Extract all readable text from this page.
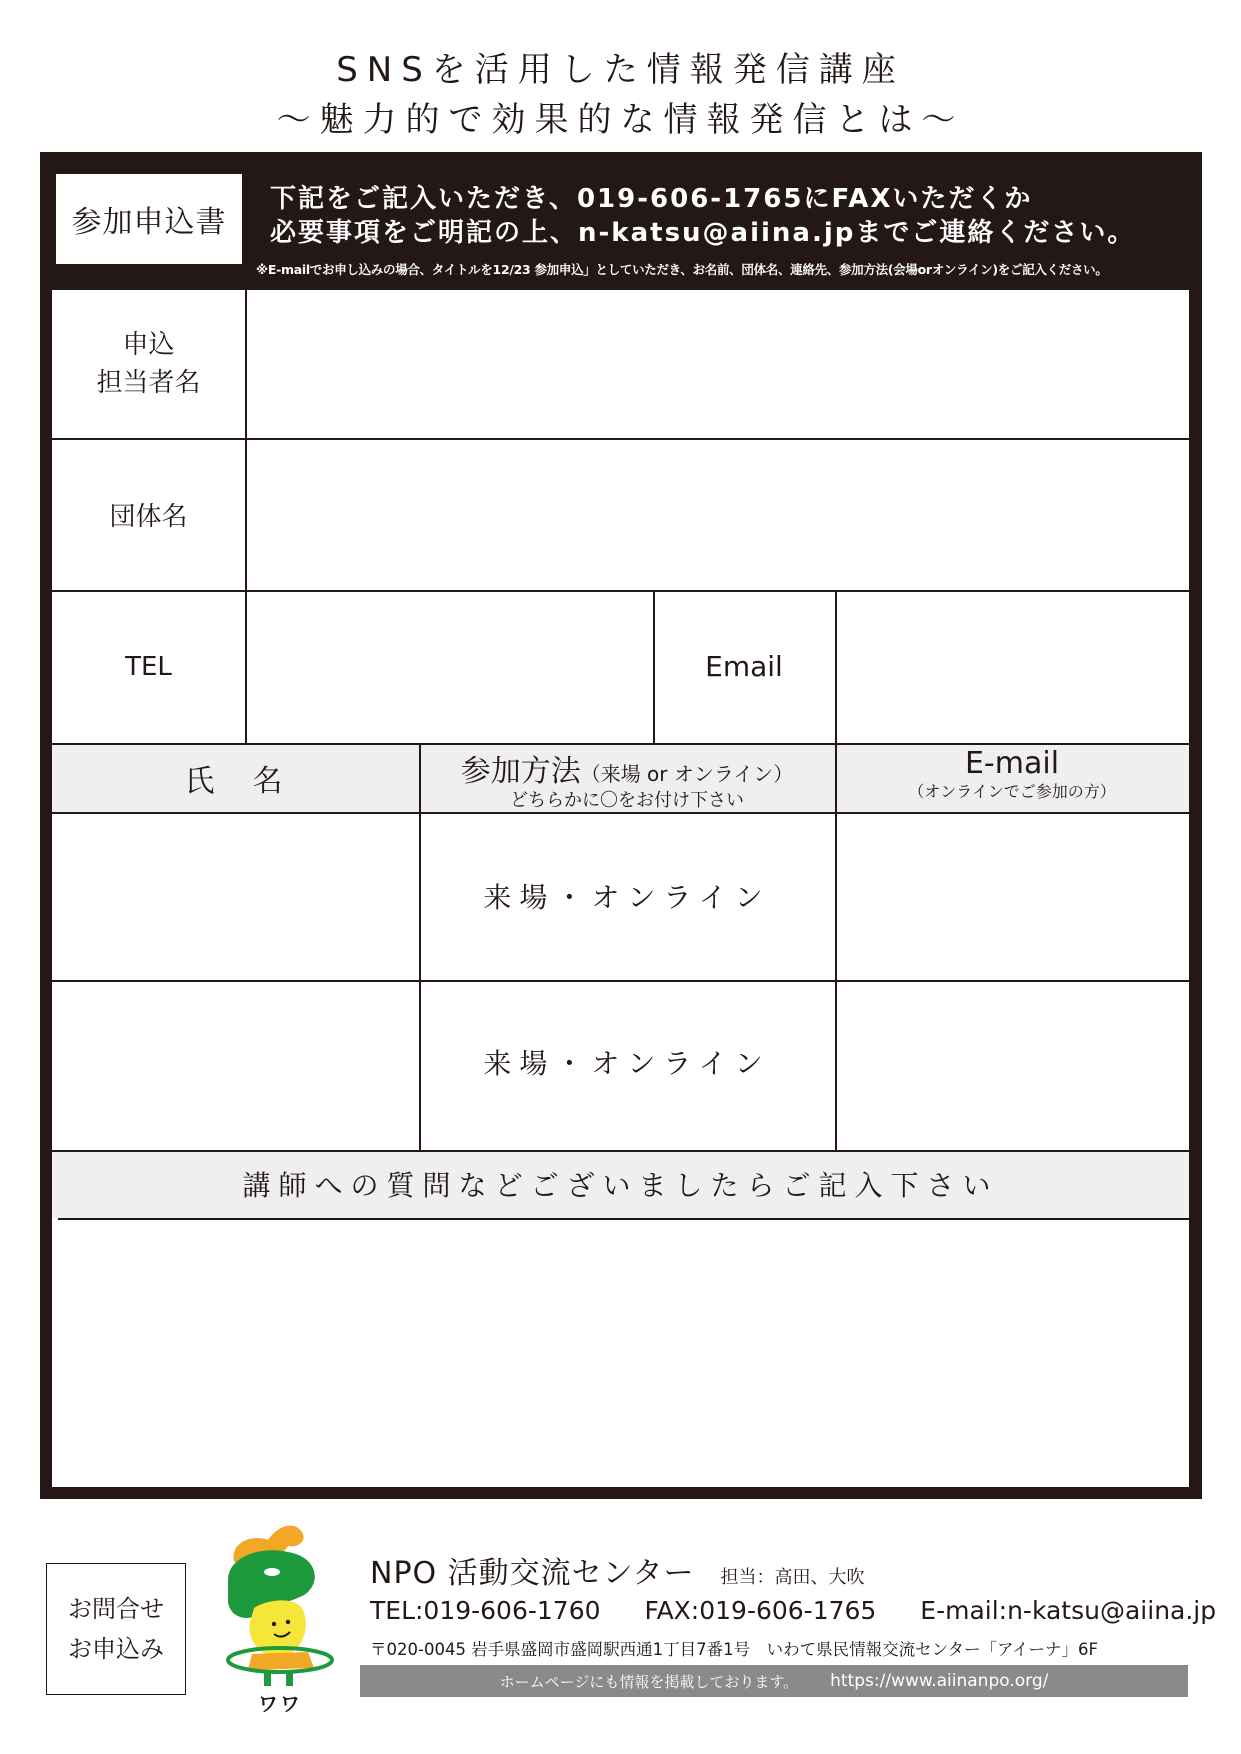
SNSを活用した情報発信講座
～魅力的で効果的な情報発信とは～
参加申込書
下記をご記入いただき、019-606-1765にFAXいただくか
必要事項をご明記の上、n-katsu@aiina.jpまでご連絡ください。
※E-mailでお申し込みの場合、タイトルを12/23 参加申込」としていただき、お名前、団体名、連絡先、参加方法(会場orオンライン)をご記入ください。
申込
担当者名
団体名
TEL	Email
氏　名	参加方法（来場 or オンライン）
どちらかに〇をお付け下さい
E-mail
（オンラインでご参加の方）
来場・オンライン
来場・オンライン
講師への質問などございましたらご記入下さい
お問合せ
お申込み
ワワ
NPO 活動交流センター 担当：高田、大吹
TEL:019-606-1760 FAX:019-606-1765 E-mail:n-katsu@aiina.jp
〒020-0045 岩手県盛岡市盛岡駅西通1丁目7番1号　いわて県民情報交流センター「アイーナ」6F
ホームページにも情報を掲載しております。 https://www.aiinanpo.org/
